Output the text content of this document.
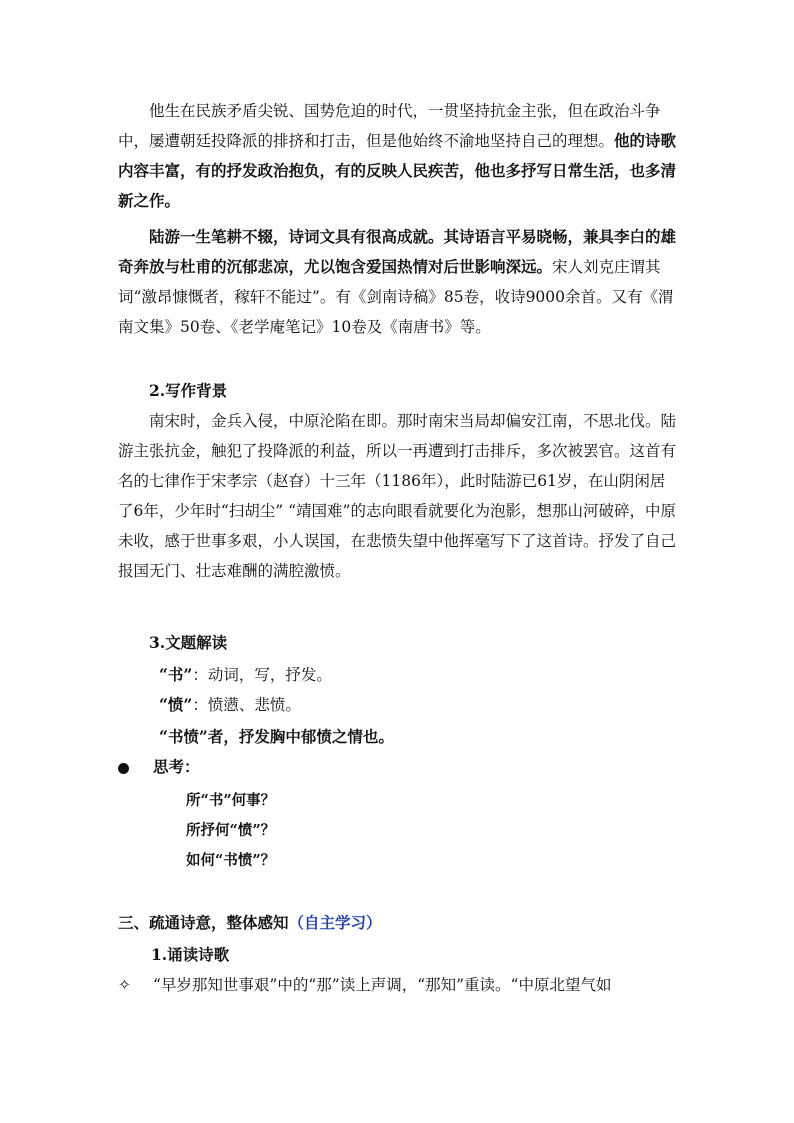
他生在民族矛盾尖锐、国势危迫的时代，一贯坚持抗金主张，但在政治斗争中，屡遭朝廷投降派的排挤和打击，但是他始终不渝地坚持自己的理想。他的诗歌内容丰富，有的抒发政治抱负，有的反映人民疾苦，他也多抒写日常生活，也多清新之作。
陆游一生笔耕不辍，诗词文具有很高成就。其诗语言平易晓畅，兼具李白的雄奇奔放与杜甫的沉郁悲凉，尤以饱含爱国热情对后世影响深远。宋人刘克庄谓其词“激昂慷慨者，稼轩不能过”。有《剑南诗稿》85卷，收诗9000余首。又有《渭南文集》50卷、《老学庵笔记》10卷及《南唐书》等。
2.写作背景
南宋时，金兵入侵，中原沦陷在即。那时南宋当局却偏安江南，不思北伐。陆游主张抗金，触犯了投降派的利益，所以一再遭到打击排斥，多次被罢官。这首有名的七律作于宋孝宗（赵昚）十三年（1186年），此时陆游已61岁，在山阴闲居了6年，少年时“扫胡尘” “靖国难”的志向眼看就要化为泡影，想那山河破碎，中原未收，感于世事多艰，小人误国，在悲愤失望中他挥毫写下了这首诗。抒发了自己报国无门、壮志难酬的满腔激愤。
3.文题解读
“书”：动词，写，抒发。
“愤”：愤懑、悲愤。
“书愤”者，抒发胸中郁愤之情也。
思考：
所“书”何事？
所抒何“愤”？
如何“书愤”？
三、疏通诗意，整体感知（自主学习）
1.诵读诗歌
✧ “早岁那知世事艰”中的“那”读上声调，“那知”重读。“中原北望气如
